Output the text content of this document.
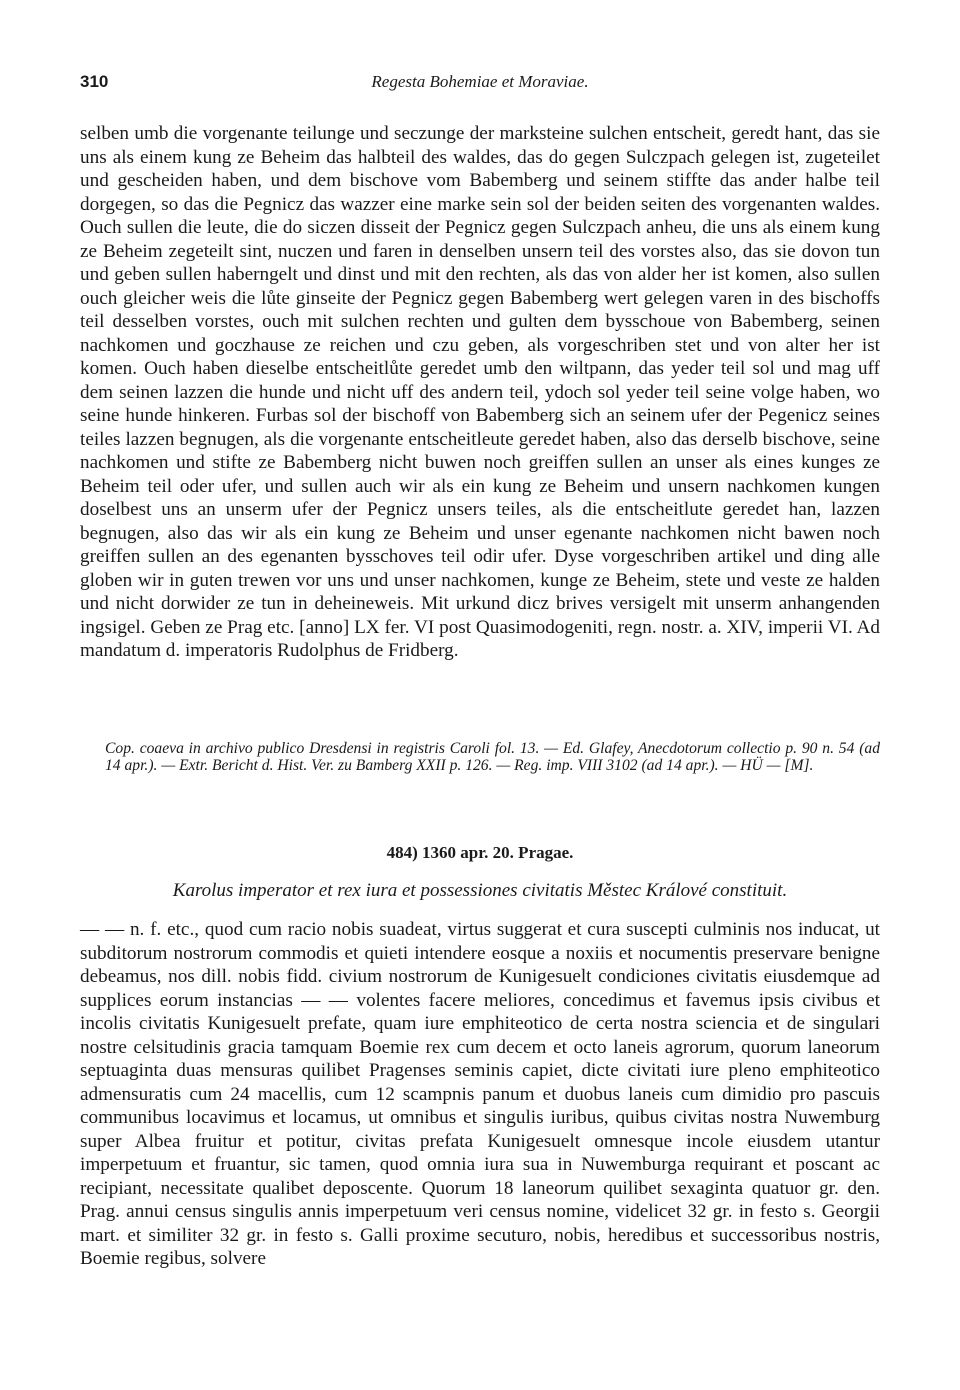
310	Regesta Bohemiae et Moraviae.
selben umb die vorgenante teilunge und seczunge der marksteine sulchen entscheit, geredt hant, das sie uns als einem kung ze Beheim das halbteil des waldes, das do gegen Sulczpach gelegen ist, zugeteilet und gescheiden haben, und dem bischove vom Babemberg und seinem stiffte das ander halbe teil dorgegen, so das die Pegnicz das wazzer eine marke sein sol der beiden seiten des vorgenanten waldes. Ouch sullen die leute, die do siczen disseit der Pegnicz gegen Sulczpach anheu, die uns als einem kung ze Beheim zegeteilt sint, nuczen und faren in denselben unsern teil des vorstes also, das sie dovon tun und geben sullen haberngelt und dinst und mit den rechten, als das von alder her ist komen, also sullen ouch gleicher weis die lůte ginseite der Pegnicz gegen Babemberg wert gelegen varen in des bischoffs teil desselben vorstes, ouch mit sulchen rechten und gulten dem bysschoue von Babemberg, seinen nachkomen und goczhause ze reichen und czu geben, als vorgeschriben stet und von alter her ist komen. Ouch haben dieselbe entscheitlůte geredet umb den wiltpann, das yeder teil sol und mag uff dem seinen lazzen die hunde und nicht uff des andern teil, ydoch sol yeder teil seine volge haben, wo seine hunde hinkeren. Furbas sol der bischoff von Babemberg sich an seinem ufer der Pegenicz seines teiles lazzen begnugen, als die vorgenante entscheitleute geredet haben, also das derselb bischove, seine nachkomen und stifte ze Babemberg nicht buwen noch greiffen sullen an unser als eines kunges ze Beheim teil oder ufer, und sullen auch wir als ein kung ze Beheim und unsern nachkomen kungen doselbest uns an unserm ufer der Pegnicz unsers teiles, als die entscheitlute geredet han, lazzen begnugen, also das wir als ein kung ze Beheim und unser egenante nachkomen nicht bawen noch greiffen sullen an des egenanten bysschoves teil odir ufer. Dyse vorgeschriben artikel und ding alle globen wir in guten trewen vor uns und unser nachkomen, kunge ze Beheim, stete und veste ze halden und nicht dorwider ze tun in deheineweis. Mit urkund dicz brives versigelt mit unserm anhangenden ingsigel. Geben ze Prag etc. [anno] LX fer. VI post Quasimodogeniti, regn. nostr. a. XIV, imperii VI. Ad mandatum d. imperatoris Rudolphus de Fridberg.
Cop. coaeva in archivo publico Dresdensi in registris Caroli fol. 13. — Ed. Glafey, Anecdotorum collectio p. 90 n. 54 (ad 14 apr.). — Extr. Bericht d. Hist. Ver. zu Bamberg XXII p. 126. — Reg. imp. VIII 3102 (ad 14 apr.). — HÜ — [M].
484) 1360 apr. 20. Pragae.
Karolus imperator et rex iura et possessiones civitatis Městec Králové constituit.
— — n. f. etc., quod cum racio nobis suadeat, virtus suggerat et cura suscepti culminis nos inducat, ut subditorum nostrorum commodis et quieti intendere eosque a noxiis et nocumentis preservare benigne debeamus, nos dill. nobis fidd. civium nostrorum de Kunigesuelt condiciones civitatis eiusdemque ad supplices eorum instancias — — volentes facere meliores, concedimus et favemus ipsis civibus et incolis civitatis Kunigesuelt prefate, quam iure emphiteotico de certa nostra sciencia et de singulari nostre celsitudinis gracia tamquam Boemie rex cum decem et octo laneis agrorum, quorum laneorum septuaginta duas mensuras quilibet Pragenses seminis capiet, dicte civitati iure pleno emphiteotico admensuratis cum 24 macellis, cum 12 scampnis panum et duobus laneis cum dimidio pro pascuis communibus locavimus et locamus, ut omnibus et singulis iuribus, quibus civitas nostra Nuwemburg super Albea fruitur et potitur, civitas prefata Kunigesuelt omnesque incole eiusdem utantur imperpetuum et fruantur, sic tamen, quod omnia iura sua in Nuwemburga requirant et poscant ac recipiant, necessitate qualibet deposcente. Quorum 18 laneorum quilibet sexaginta quatuor gr. den. Prag. annui census singulis annis imperpetuum veri census nomine, videlicet 32 gr. in festo s. Georgii mart. et similiter 32 gr. in festo s. Galli proxime secuturo, nobis, heredibus et successoribus nostris, Boemie regibus, solvere
